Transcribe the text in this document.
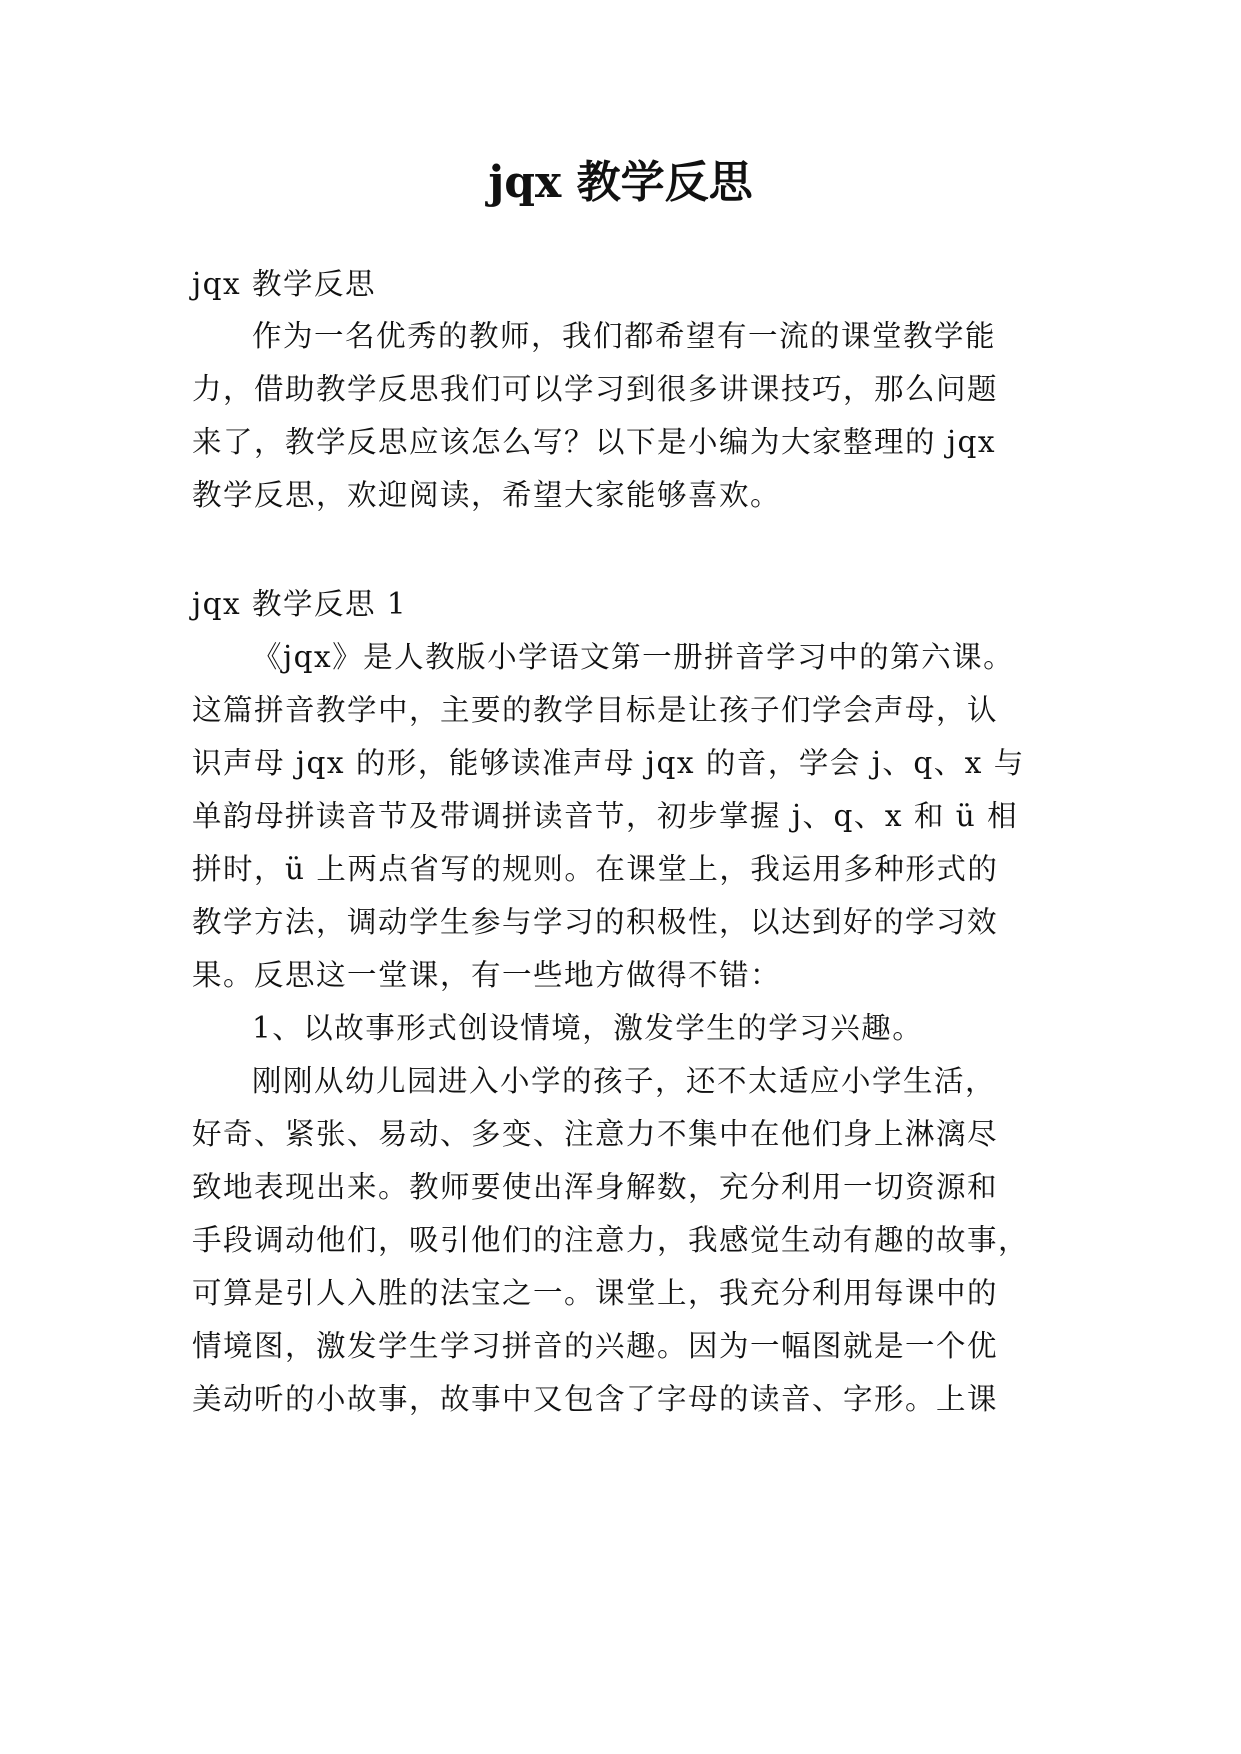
jqx 教学反思
jqx 教学反思
作为一名优秀的教师，我们都希望有一流的课堂教学能
力，借助教学反思我们可以学习到很多讲课技巧，那么问题
来了，教学反思应该怎么写？以下是小编为大家整理的 jqx
教学反思，欢迎阅读，希望大家能够喜欢。
jqx 教学反思 1
《jqx》是人教版小学语文第一册拼音学习中的第六课。
这篇拼音教学中，主要的教学目标是让孩子们学会声母，认
识声母 jqx 的形，能够读准声母 jqx 的音，学会 j、q、x 与
单韵母拼读音节及带调拼读音节，初步掌握 j、q、x 和 ü 相
拼时，ü 上两点省写的规则。在课堂上，我运用多种形式的
教学方法，调动学生参与学习的积极性，以达到好的学习效
果。反思这一堂课，有一些地方做得不错：
1、以故事形式创设情境，激发学生的学习兴趣。
刚刚从幼儿园进入小学的孩子，还不太适应小学生活，
好奇、紧张、易动、多变、注意力不集中在他们身上淋漓尽
致地表现出来。教师要使出浑身解数，充分利用一切资源和
手段调动他们，吸引他们的注意力，我感觉生动有趣的故事，
可算是引人入胜的法宝之一。课堂上，我充分利用每课中的
情境图，激发学生学习拼音的兴趣。因为一幅图就是一个优
美动听的小故事，故事中又包含了字母的读音、字形。上课
